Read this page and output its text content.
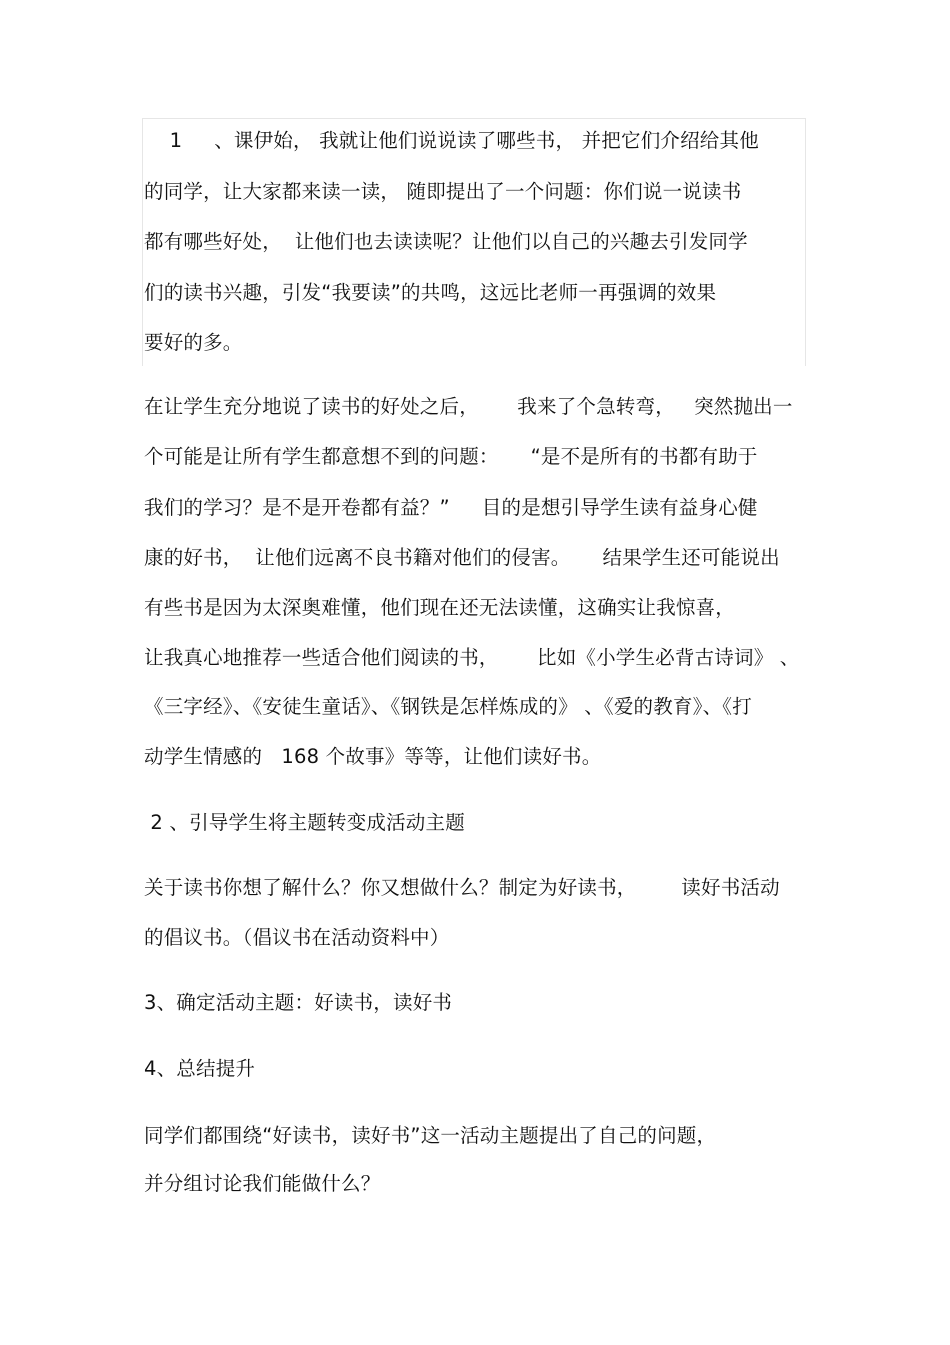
1     、课伊始， 我就让他们说说读了哪些书， 并把它们介绍给其他
的同学，让大家都来读一读， 随即提出了一个问题：你们说一说读书
都有哪些好处，  让他们也去读读呢？让他们以自己的兴趣去引发同学
们的读书兴趣，引发“我要读”的共鸣，这远比老师一再强调的效果
要好的多。
在让学生充分地说了读书的好处之后，      我来了个急转弯，   突然抛出一
个可能是让所有学生都意想不到的问题：     “是不是所有的书都有助于
我们的学习？是不是开卷都有益？”     目的是想引导学生读有益身心健
康的好书，  让他们远离不良书籍对他们的侵害。     结果学生还可能说出
有些书是因为太深奥难懂，他们现在还无法读懂，这确实让我惊喜，
让我真心地推荐一些适合他们阅读的书，      比如《小学生必背古诗词》 、
《三字经》、《安徒生童话》、《钢铁是怎样炼成的》 、《爱的教育》、《打
动学生情感的   168 个故事》等等，让他们读好书。
2 、引导学生将主题转变成活动主题
关于读书你想了解什么？你又想做什么？制定为好读书，       读好书活动
的倡议书。（倡议书在活动资料中）
3、确定活动主题：好读书，读好书
4、总结提升
同学们都围绕“好读书，读好书”这一活动主题提出了自己的问题，
并分组讨论我们能做什么？
